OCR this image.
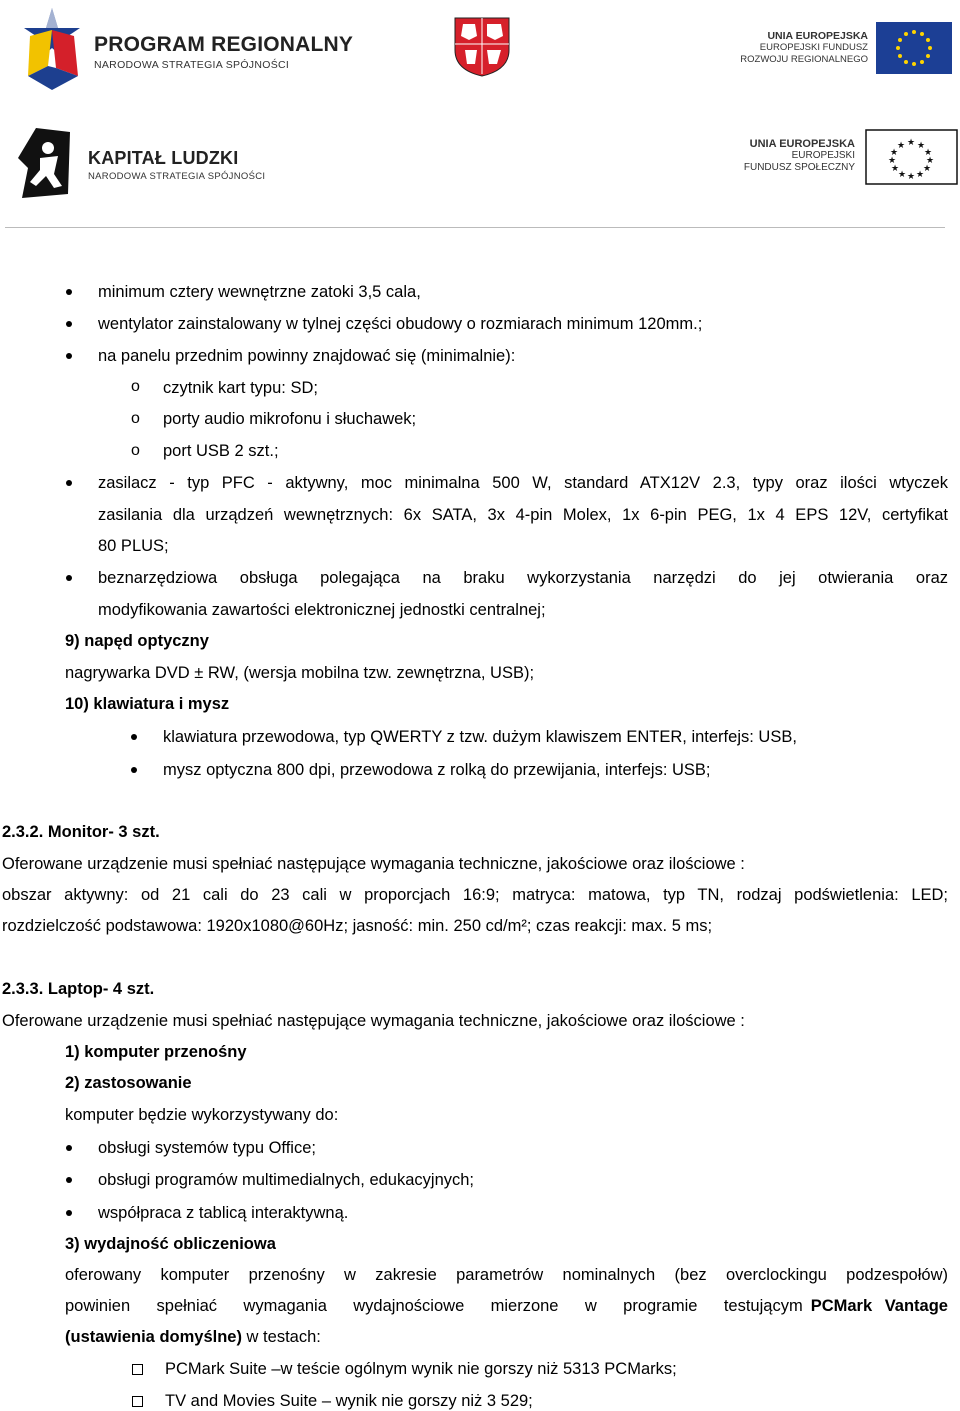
PROGRAM REGIONALNY
NARODOWA STRATEGIA SPÓJNOŚCI
UNIA EUROPEJSKA
EUROPEJSKI FUNDUSZ
ROZWOJU REGIONALNEGO
KAPITAŁ LUDZKI
NARODOWA STRATEGIA SPÓJNOŚCI
UNIA EUROPEJSKA
EUROPEJSKI
FUNDUSZ SPOŁECZNY
★ ★
★
★
★
★
★
★
★
★
★
★
minimum cztery wewnętrzne zatoki 3,5 cala,
wentylator zainstalowany w tylnej części obudowy o rozmiarach minimum 120mm.;
na panelu przednim powinny znajdować się (minimalnie):
o czytnik kart typu: SD;
o porty audio mikrofonu i słuchawek;
o port USB 2 szt.;
zasilacz - typ PFC - aktywny, moc minimalna 500 W, standard ATX12V 2.3, typy oraz ilości wtyczek
zasilania dla urządzeń wewnętrznych: 6x SATA, 3x 4-pin Molex, 1x 6-pin PEG, 1x 4 EPS 12V, certyfikat
80 PLUS;
beznarzędziowa obsługa polegająca na braku wykorzystania narzędzi do jej otwierania oraz
modyfikowania zawartości elektronicznej jednostki centralnej;
9) napęd optyczny
nagrywarka DVD ± RW, (wersja mobilna tzw. zewnętrzna, USB);
10) klawiatura i mysz
klawiatura przewodowa, typ QWERTY z tzw. dużym klawiszem ENTER, interfejs: USB,
mysz optyczna 800 dpi, przewodowa z rolką do przewijania, interfejs: USB;
2.3.2. Monitor- 3 szt.
Oferowane urządzenie musi spełniać następujące wymagania techniczne, jakościowe oraz ilościowe :
obszar aktywny: od 21 cali do 23 cali w proporcjach 16:9; matryca: matowa, typ TN, rodzaj podświetlenia: LED;
rozdzielczość podstawowa: 1920x1080@60Hz; jasność: min. 250 cd/m²; czas reakcji: max. 5 ms;
2.3.3. Laptop- 4 szt.
Oferowane urządzenie musi spełniać następujące wymagania techniczne, jakościowe oraz ilościowe :
1) komputer przenośny
2) zastosowanie
komputer będzie wykorzystywany do:
obsługi systemów typu Office;
obsługi programów multimedialnych, edukacyjnych;
współpraca z tablicą interaktywną.
3) wydajność obliczeniowa
oferowany komputer przenośny w zakresie parametrów nominalnych (bez overclockingu podzespołów)
powinien spełniać wymagania wydajnościowe mierzone w programie testującym PCMark Vantage
(ustawienia domyślne) w testach:
PCMark Suite –w teście ogólnym wynik nie gorszy niż 5313 PCMarks;
TV and Movies Suite – wynik nie gorszy niż 3 529;
